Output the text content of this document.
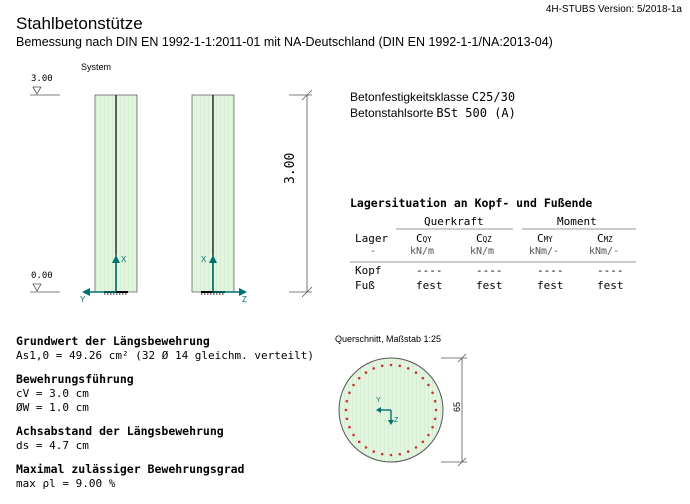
4H-STUBS Version: 5/2018-1a
Stahlbetonstütze
Bemessung nach DIN EN 1992-1-1:2011-01 mit NA-Deutschland (DIN EN 1992-1-1/NA:2013-04)
System
3.00
0.00
X
Y
X
Z
3.00
Betonfestigkeitsklasse C25/30
Betonstahlsorte BSt 500 (A)
Lagersituation an Kopf- und Fußende
Querkraft	Moment
Lager
-
CQY	CQZ	CMY	CMZ
kN/m	kN/m	kNm/-	kNm/-
Kopf	----	----	----	----
Fuß	fest	fest	fest	fest
Grundwert der Längsbewehrung
As1,0 = 49.26 cm² (32 Ø 14 gleichm. verteilt)
Bewehrungsführung
cV = 3.0 cm
ØW = 1.0 cm
Achsabstand der Längsbewehrung
ds = 4.7 cm
Maximal zulässiger Bewehrungsgrad
max ρl = 9.00 %
Querschnitt, Maßstab 1:25
Y
Z
65
